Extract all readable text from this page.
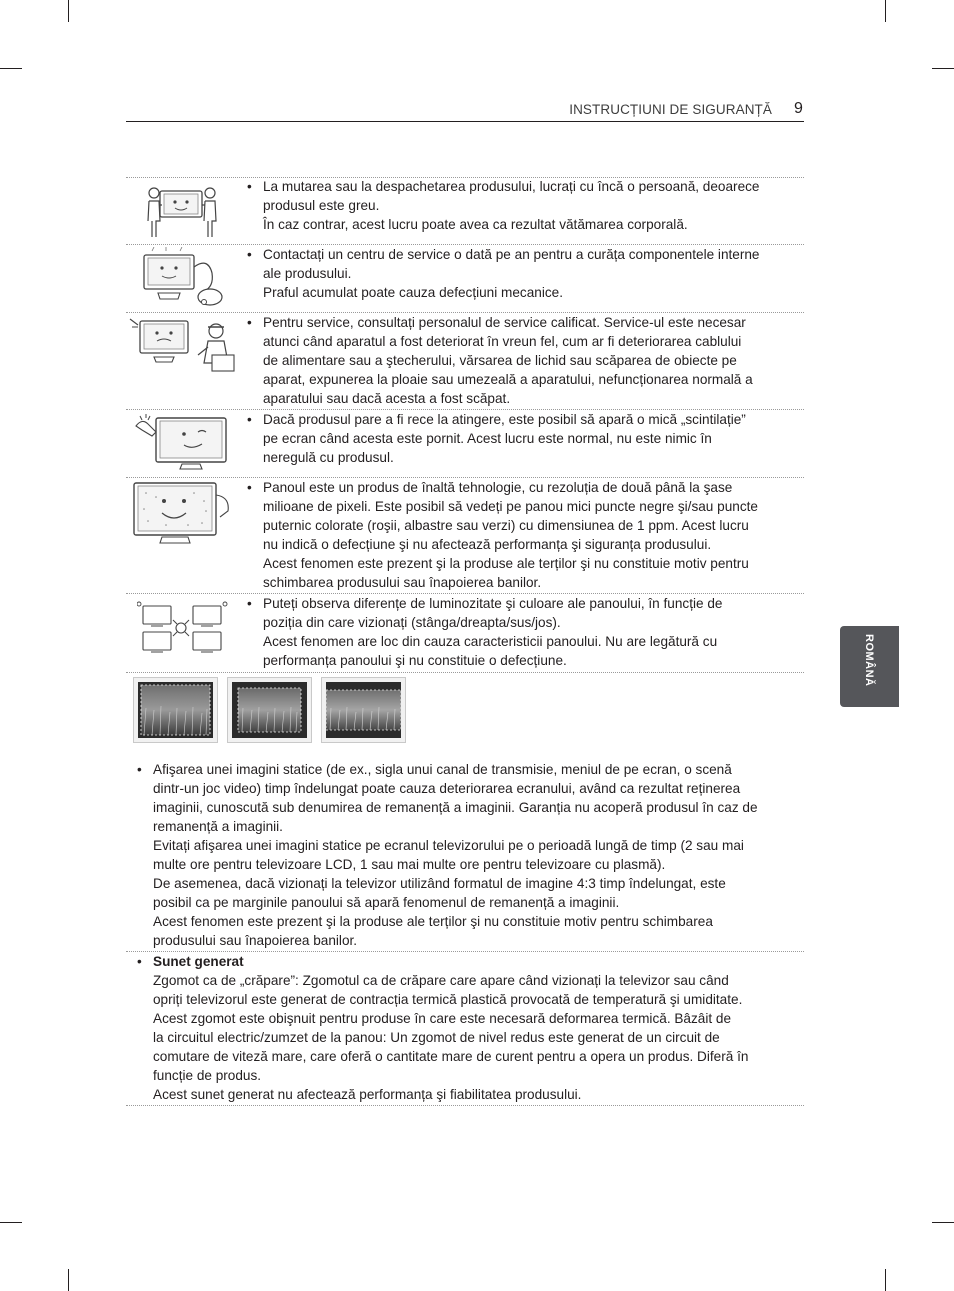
INSTRUCȚIUNI DE SIGURANȚĂ 9
ROMÂNĂ

• La mutarea sau la despachetarea produsului, lucrați cu încă o persoană, deoarece
produsul este greu.
În caz contrar, acest lucru poate avea ca rezultat vătămarea corporală.

• Contactați un centru de service o dată pe an pentru a curăța componentele interne
ale produsului.
Praful acumulat poate cauza defecțiuni mecanice.

• Pentru service, consultați personalul de service calificat. Service-ul este necesar
atunci când aparatul a fost deteriorat în vreun fel, cum ar fi deteriorarea cablului
de alimentare sau a ştecherului, vărsarea de lichid sau scăparea de obiecte pe
aparat, expunerea la ploaie sau umezeală a aparatului, nefuncționarea normală a
aparatului sau dacă acesta a fost scăpat.

• Dacă produsul pare a fi rece la atingere, este posibil să apară o mică „scintilație”
pe ecran când acesta este pornit. Acest lucru este normal, nu este nimic în
neregulă cu produsul.

• Panoul este un produs de înaltă tehnologie, cu rezoluția de două până la şase
milioane de pixeli. Este posibil să vedeți pe panou mici puncte negre şi/sau puncte
puternic colorate (roşii, albastre sau verzi) cu dimensiunea de 1 ppm. Acest lucru
nu indică o defecțiune şi nu afectează performanța şi siguranța produsului.
Acest fenomen este prezent şi la produse ale terților şi nu constituie motiv pentru
schimbarea produsului sau înapoierea banilor.

• Puteți observa diferențe de luminozitate şi culoare ale panoului, în funcție de
poziția din care vizionați (stânga/dreapta/sus/jos).
Acest fenomen are loc din cauza caracteristicii panoului. Nu are legătură cu
performanța panoului şi nu constituie o defecțiune.

• Afişarea unei imagini statice (de ex., sigla unui canal de transmisie, meniul de pe ecran, o scenă
dintr-un joc video) timp îndelungat poate cauza deteriorarea ecranului, având ca rezultat reținerea
imaginii, cunoscută sub denumirea de remanență a imaginii. Garanția nu acoperă produsul în caz de
remanență a imaginii.
Evitați afişarea unei imagini statice pe ecranul televizorului pe o perioadă lungă de timp (2 sau mai
multe ore pentru televizoare LCD, 1 sau mai multe ore pentru televizoare cu plasmă).
De asemenea, dacă vizionați la televizor utilizând formatul de imagine 4:3 timp îndelungat, este
posibil ca pe marginile panoului să apară fenomenul de remanență a imaginii.
Acest fenomen este prezent şi la produse ale terților şi nu constituie motiv pentru schimbarea
produsului sau înapoierea banilor.

• Sunet generat
Zgomot ca de „crăpare”: Zgomotul ca de crăpare care apare când vizionați la televizor sau când
opriți televizorul este generat de contracția termică plastică provocată de temperatură şi umiditate.
Acest zgomot este obişnuit pentru produse în care este necesară deformarea termică. Bâzâit de
la circuitul electric/zumzet de la panou: Un zgomot de nivel redus este generat de un circuit de
comutare de viteză mare, care oferă o cantitate mare de curent pentru a opera un produs. Diferă în
funcție de produs.
Acest sunet generat nu afectează performanța şi fiabilitatea produsului.
